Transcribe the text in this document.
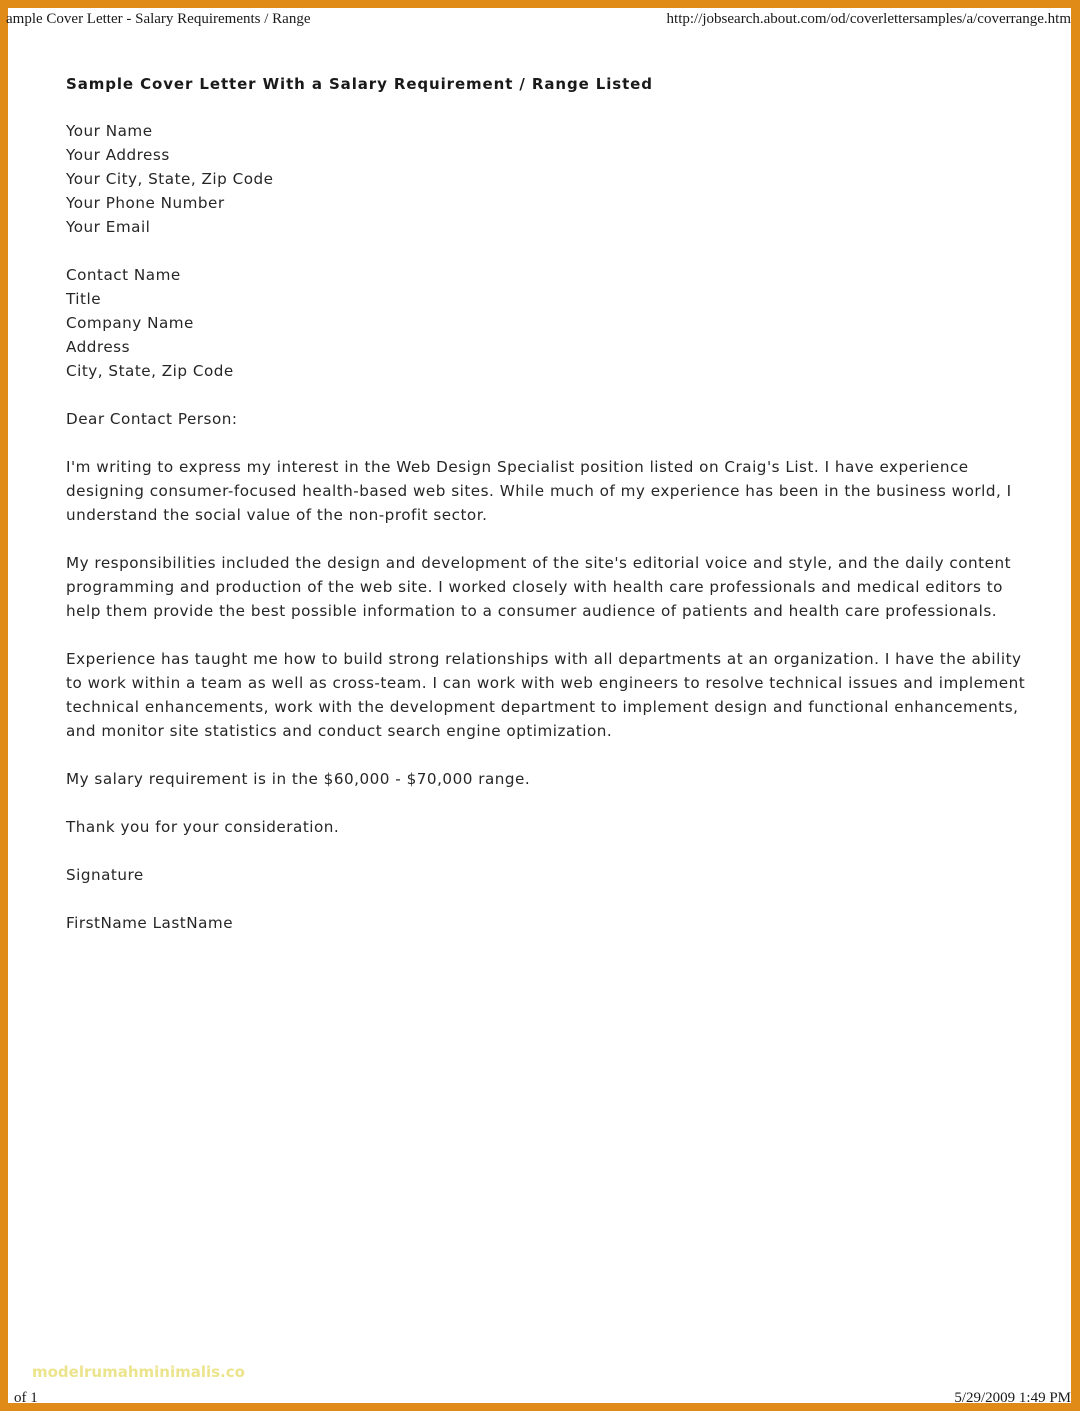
ample Cover Letter - Salary Requirements / Range	http://jobsearch.about.com/od/coverlettersamples/a/coverrange.htm
Sample Cover Letter With a Salary Requirement / Range Listed
Your Name
Your Address
Your City, State, Zip Code
Your Phone Number
Your Email
Contact Name
Title
Company Name
Address
City, State, Zip Code
Dear Contact Person:

I'm writing to express my interest in the Web Design Specialist position listed on Craig's List. I have experience
designing consumer-focused health-based web sites. While much of my experience has been in the business world, I
understand the social value of the non-profit sector.

My responsibilities included the design and development of the site's editorial voice and style, and the daily content
programming and production of the web site. I worked closely with health care professionals and medical editors to
help them provide the best possible information to a consumer audience of patients and health care professionals.

Experience has taught me how to build strong relationships with all departments at an organization. I have the ability
to work within a team as well as cross-team. I can work with web engineers to resolve technical issues and implement
technical enhancements, work with the development department to implement design and functional enhancements,
and monitor site statistics and conduct search engine optimization.

My salary requirement is in the $60,000 - $70,000 range.

Thank you for your consideration.

Signature
FirstName LastName
modelrumahminimalis.co
of 1	5/29/2009 1:49 PM
